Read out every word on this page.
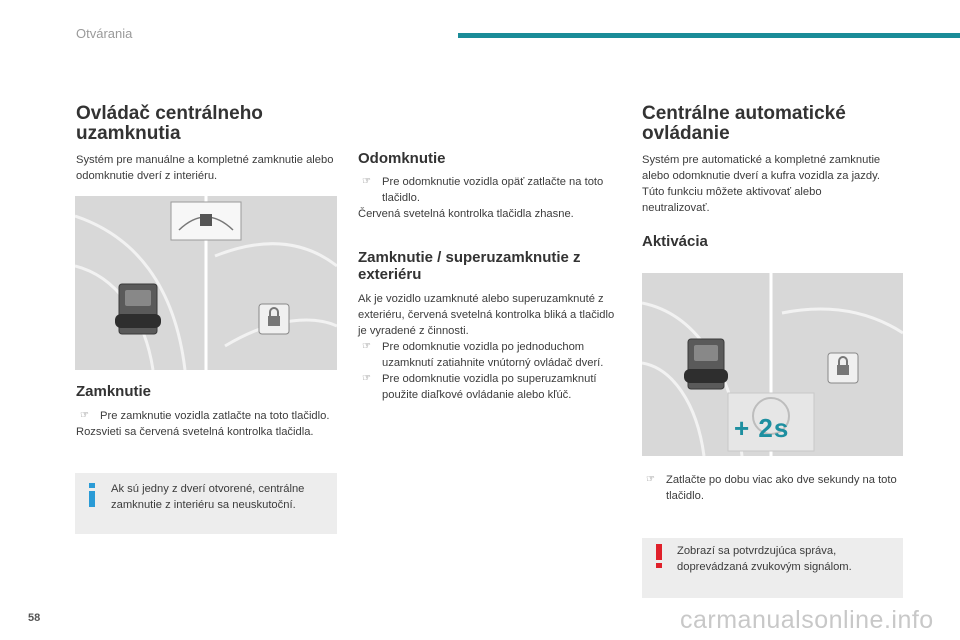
Otvárania
Ovládač centrálneho uzamknutia

Systém pre manuálne a kompletné zamknutie alebo odomknutie dverí z interiéru.

Zamknutie
☞ Pre zamknutie vozidla zatlačte na toto tlačidlo.

Rozsvieti sa červená svetelná kontrolka tlačidla.

Ak sú jedny z dverí otvorené, centrálne zamknutie z interiéru sa neuskutoční.

Odomknutie
☞ Pre odomknutie vozidla opäť zatlačte na toto tlačidlo.

Červená svetelná kontrolka tlačidla zhasne.

Zamknutie / superuzamknutie z exteriéru

Ak je vozidlo uzamknuté alebo superuzamknuté z exteriéru, červená svetelná kontrolka bliká a tlačidlo je vyradené z činnosti.

☞ Pre odomknutie vozidla po jednoduchom uzamknutí zatiahnite vnútorný ovládač dverí.
☞ Pre odomknutie vozidla po superuzamknutí použite diaľkové ovládanie alebo kľúč.
Centrálne automatické ovládanie

Systém pre automatické a kompletné zamknutie alebo odomknutie dverí a kufra vozidla za jazdy. Túto funkciu môžete aktivovať alebo neutralizovať.

Aktivácia
+ 2s
☞ Zatlačte po dobu viac ako dve sekundy na toto tlačidlo.

Zobrazí sa potvrdzujúca správa, doprevádzaná zvukovým signálom.

58	carmanualsonline.info
